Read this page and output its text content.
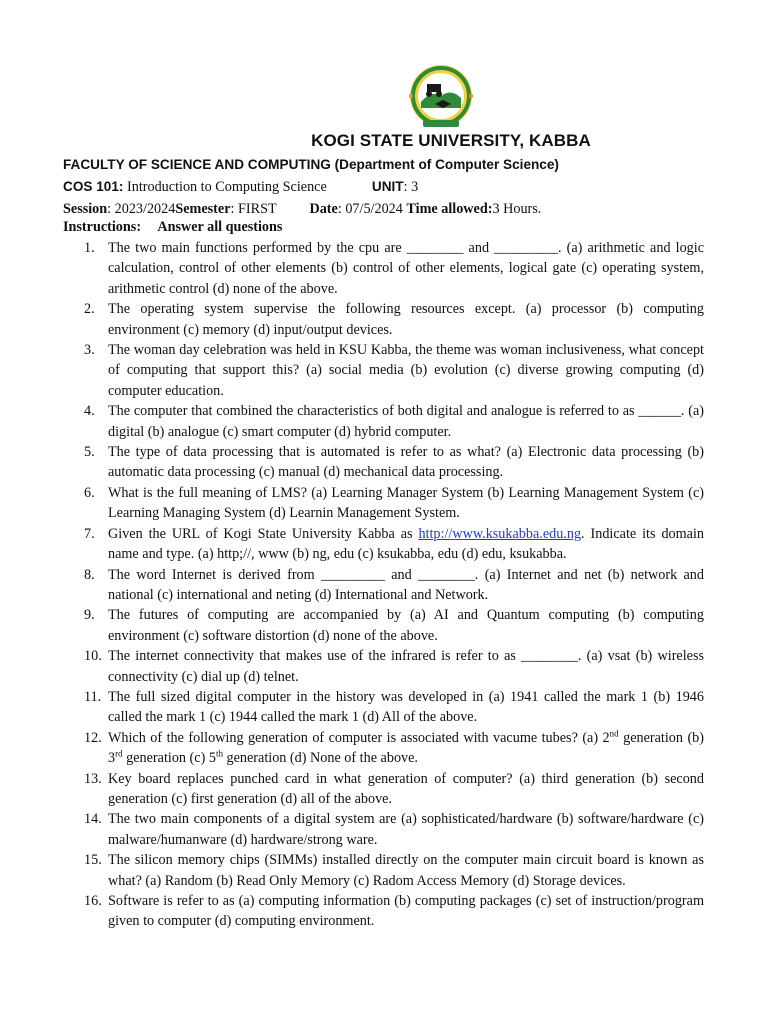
KOGI STATE UNIVERSITY, KABBA
FACULTY OF SCIENCE AND COMPUTING (Department of Computer Science)
COS 101: Introduction to Computing Science	UNIT: 3
Session: 2023/2024Semester: FIRST Date: 07/5/2024 Time allowed:3 Hours.
Instructions: Answer all questions
1. The two main functions performed by the cpu are ________ and _________. (a) arithmetic and logic calculation, control of other elements (b) control of other elements, logical gate (c) operating system, arithmetic control (d) none of the above.
2. The operating system supervise the following resources except. (a) processor (b) computing environment (c) memory (d) input/output devices.
3. The woman day celebration was held in KSU Kabba, the theme was woman inclusiveness, what concept of computing that support this? (a) social media (b) evolution (c) diverse growing computing (d) computer education.
4. The computer that combined the characteristics of both digital and analogue is referred to as ______. (a) digital (b) analogue (c) smart computer (d) hybrid computer.
5. The type of data processing that is automated is refer to as what? (a) Electronic data processing (b) automatic data processing (c) manual (d) mechanical data processing.
6. What is the full meaning of LMS? (a) Learning Manager System (b) Learning Management System (c) Learning Managing System (d) Learnin Management System.
7. Given the URL of Kogi State University Kabba as http://www.ksukabba.edu.ng. Indicate its domain name and type. (a) http;//, www (b) ng, edu (c) ksukabba, edu (d) edu, ksukabba.
8. The word Internet is derived from _________ and ________. (a) Internet and net (b) network and national (c) international and neting (d) International and Network.
9. The futures of computing are accompanied by (a) AI and Quantum computing (b) computing environment (c) software distortion (d) none of the above.
10. The internet connectivity that makes use of the infrared is refer to as ________. (a) vsat (b) wireless connectivity (c) dial up (d) telnet.
11. The full sized digital computer in the history was developed in (a) 1941 called the mark 1 (b) 1946 called the mark 1 (c) 1944 called the mark 1 (d) All of the above.
12. Which of the following generation of computer is associated with vacume tubes? (a) 2nd generation (b) 3rd generation (c) 5th generation (d) None of the above.
13. Key board replaces punched card in what generation of computer? (a) third generation (b) second generation (c) first generation (d) all of the above.
14. The two main components of a digital system are (a) sophisticated/hardware (b) software/hardware (c) malware/humanware (d) hardware/strong ware.
15. The silicon memory chips (SIMMs) installed directly on the computer main circuit board is known as what? (a) Random (b) Read Only Memory (c) Radom Access Memory (d) Storage devices.
16. Software is refer to as (a) computing information (b) computing packages (c) set of instruction/program given to computer (d) computing environment.
